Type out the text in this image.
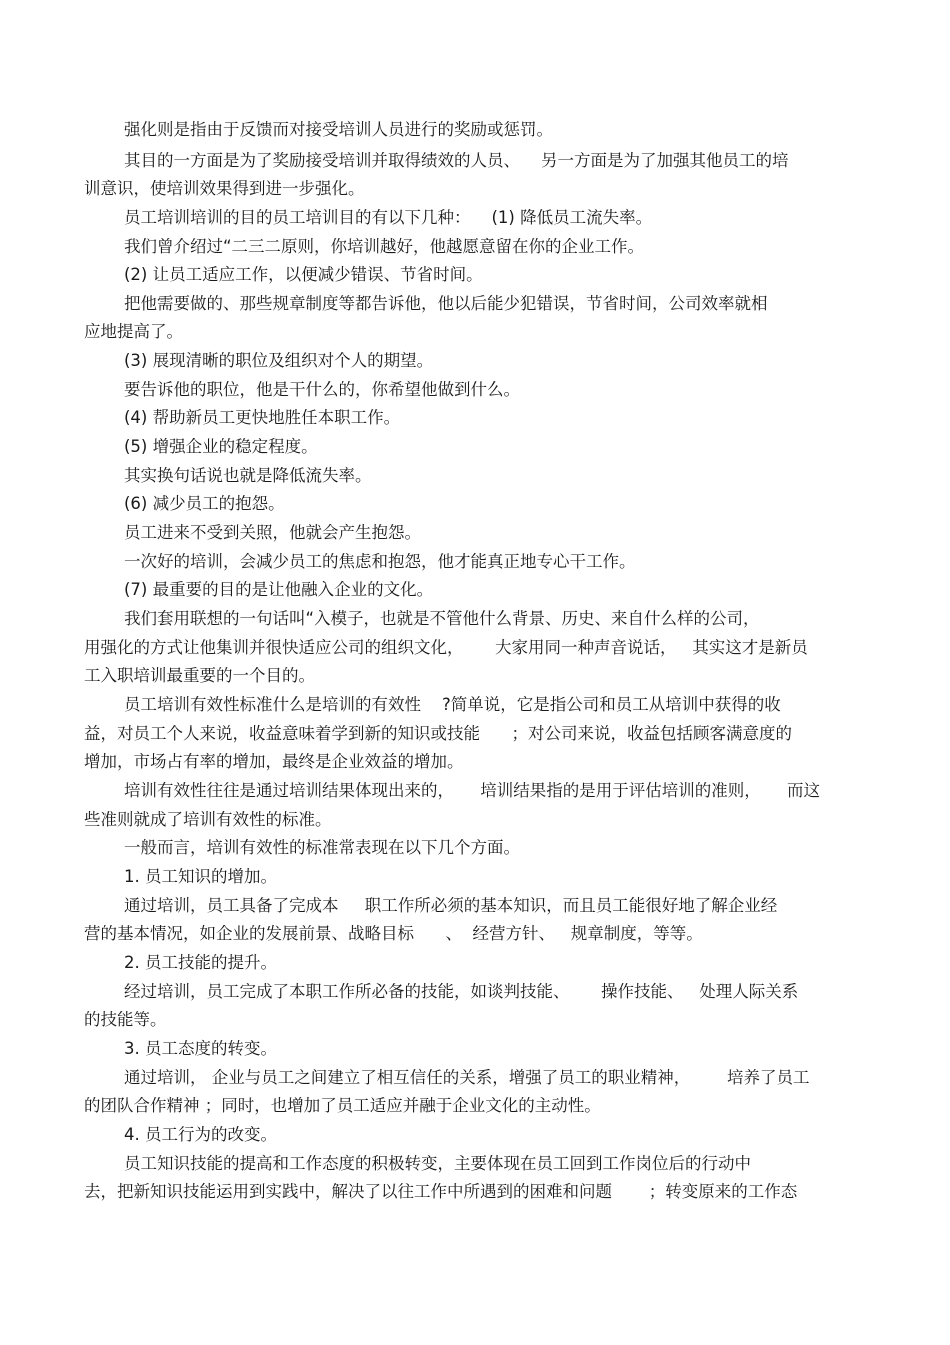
强化则是指由于反馈而对接受培训人员进行的奖励或惩罚。

其目的一方面是为了奖励接受培训并取得绩效的人员、    另一方面是为了加强其他员工的培

训意识，使培训效果得到进一步强化。

员工培训培训的目的员工培训目的有以下几种：    (1) 降低员工流失率。

我们曾介绍过“二三二原则，你培训越好，他越愿意留在你的企业工作。

(2) 让员工适应工作，以便减少错误、节省时间。

把他需要做的、那些规章制度等都告诉他，他以后能少犯错误，节省时间，公司效率就相

应地提高了。

(3) 展现清晰的职位及组织对个人的期望。

要告诉他的职位，他是干什么的，你希望他做到什么。

(4) 帮助新员工更快地胜任本职工作。

(5) 增强企业的稳定程度。

其实换句话说也就是降低流失率。

(6) 减少员工的抱怨。

员工进来不受到关照，他就会产生抱怨。

一次好的培训，会减少员工的焦虑和抱怨，他才能真正地专心干工作。

(7) 最重要的目的是让他融入企业的文化。

我们套用联想的一句话叫“入模子，也就是不管他什么背景、历史、来自什么样的公司，

用强化的方式让他集训并很快适应公司的组织文化，      大家用同一种声音说话，   其实这才是新员

工入职培训最重要的一个目的。

员工培训有效性标准什么是培训的有效性    ?简单说，它是指公司和员工从培训中获得的收

益，对员工个人来说，收益意味着学到新的知识或技能      ；对公司来说，收益包括顾客满意度的

增加，市场占有率的增加，最终是企业效益的增加。

培训有效性往往是通过培训结果体现出来的，     培训结果指的是用于评估培训的准则，     而这

些准则就成了培训有效性的标准。

一般而言，培训有效性的标准常表现在以下几个方面。

1. 员工知识的增加。

通过培训，员工具备了完成本     职工作所必须的基本知识，而且员工能很好地了解企业经

营的基本情况，如企业的发展前景、战略目标      、  经营方针、   规章制度，等等。

2. 员工技能的提升。

经过培训，员工完成了本职工作所必备的技能，如谈判技能、      操作技能、   处理人际关系

的技能等。

3. 员工态度的转变。

通过培训， 企业与员工之间建立了相互信任的关系，增强了员工的职业精神，       培养了员工

的团队合作精神 ；同时，也增加了员工适应并融于企业文化的主动性。

4. 员工行为的改变。

员工知识技能的提高和工作态度的积极转变，主要体现在员工回到工作岗位后的行动中

去，把新知识技能运用到实践中，解决了以往工作中所遇到的困难和问题       ；转变原来的工作态
